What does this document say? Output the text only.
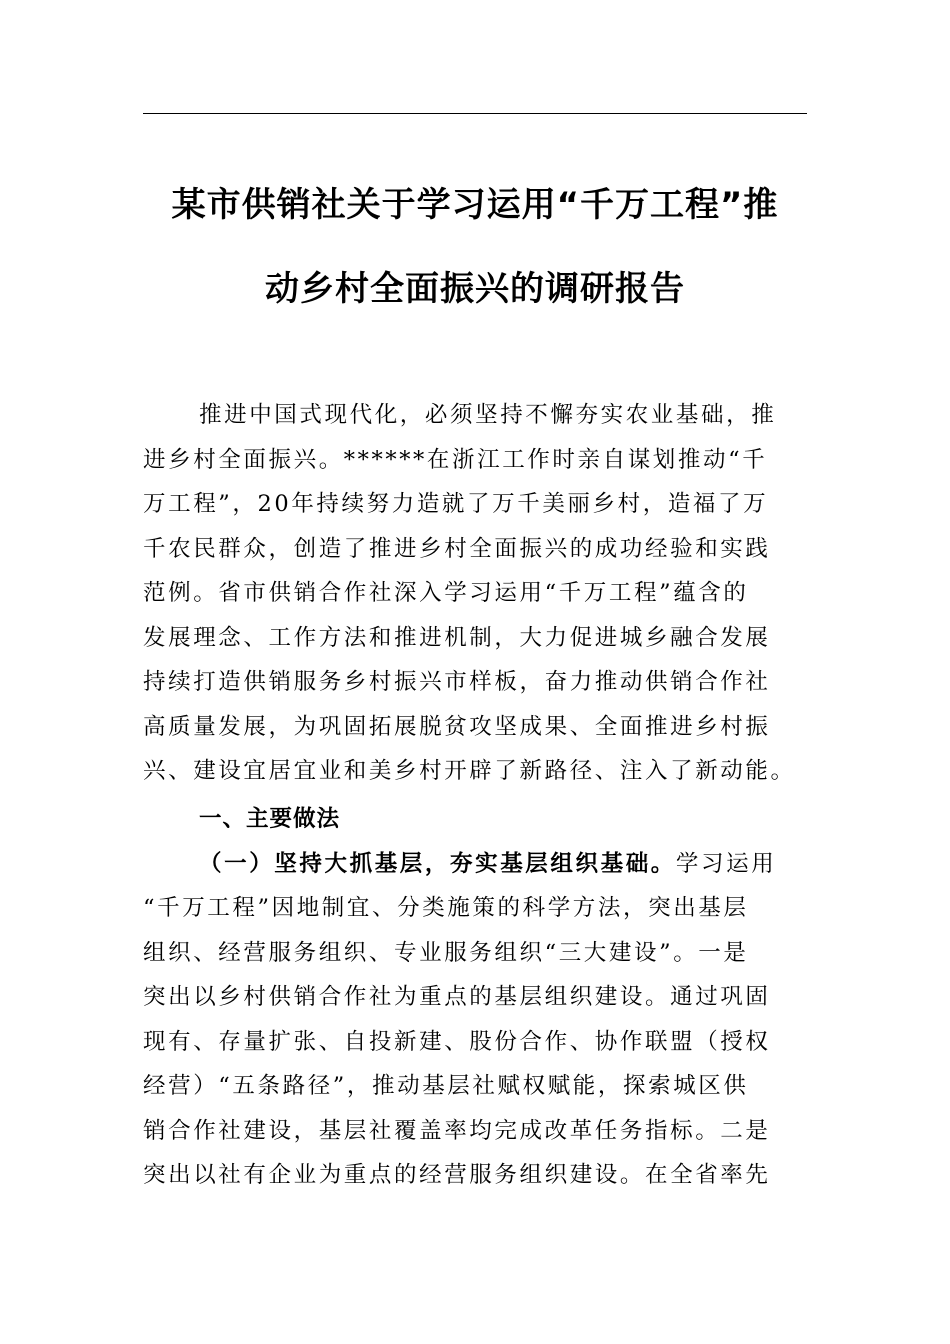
某市供销社关于学习运用“千万工程”推
动乡村全面振兴的调研报告
推进中国式现代化，必须坚持不懈夯实农业基础，推
进乡村全面振兴。******在浙江工作时亲自谋划推动“千
万工程”，20年持续努力造就了万千美丽乡村，造福了万
千农民群众，创造了推进乡村全面振兴的成功经验和实践
范例。省市供销合作社深入学习运用“千万工程”蕴含的
发展理念、工作方法和推进机制，大力促进城乡融合发展
持续打造供销服务乡村振兴市样板，奋力推动供销合作社
高质量发展，为巩固拓展脱贫攻坚成果、全面推进乡村振
兴、建设宜居宜业和美乡村开辟了新路径、注入了新动能。
一、主要做法
（一）坚持大抓基层，夯实基层组织基础。学习运用
“千万工程”因地制宜、分类施策的科学方法，突出基层
组织、经营服务组织、专业服务组织“三大建设”。一是
突出以乡村供销合作社为重点的基层组织建设。通过巩固
现有、存量扩张、自投新建、股份合作、协作联盟（授权
经营）“五条路径”，推动基层社赋权赋能，探索城区供
销合作社建设，基层社覆盖率均完成改革任务指标。二是
突出以社有企业为重点的经营服务组织建设。在全省率先
